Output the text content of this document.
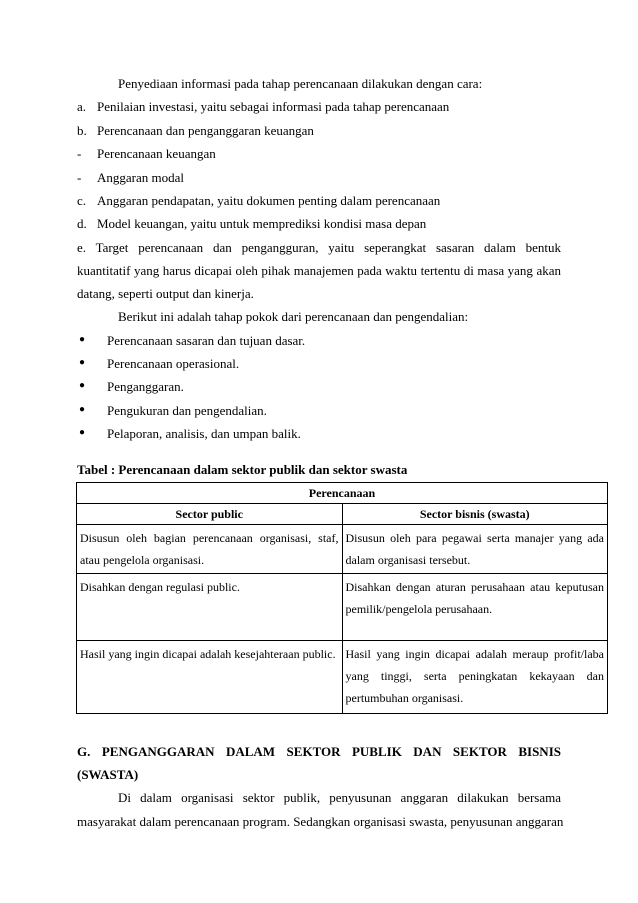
Penyediaan informasi pada tahap perencanaan dilakukan dengan cara:
a. Penilaian investasi, yaitu sebagai informasi pada tahap perencanaan
b. Perencanaan dan penganggaran keuangan
- Perencanaan keuangan
- Anggaran modal
c. Anggaran pendapatan, yaitu dokumen penting dalam perencanaan
d. Model keuangan, yaitu untuk memprediksi kondisi masa depan
e. Target perencanaan dan pengangguran, yaitu seperangkat sasaran dalam bentuk
kuantitatif yang harus dicapai oleh pihak manajemen pada waktu tertentu di masa yang akan
datang, seperti output dan kinerja.
Berikut ini adalah tahap pokok dari perencanaan dan pengendalian:
●	Perencanaan sasaran dan tujuan dasar.
●	Perencanaan operasional.
●	Penganggaran.
●	Pengukuran dan pengendalian.
●	Pelaporan, analisis, dan umpan balik.
Tabel : Perencanaan dalam sektor publik dan sektor swasta
Perencanaan	
Sector public	Sector bisnis (swasta)
Disusun oleh bagian perencanaan organisasi, staf, atau pengelola organisasi.	Disusun oleh para pegawai serta manajer yang ada dalam organisasi tersebut.
Disahkan dengan regulasi public.	Disahkan dengan aturan perusahaan atau keputusan pemilik/pengelola perusahaan.
Hasil yang ingin dicapai adalah kesejahteraan public.	Hasil yang ingin dicapai adalah meraup profit/laba yang tinggi, serta peningkatan kekayaan dan pertumbuhan organisasi.
G. PENGANGGARAN DALAM SEKTOR PUBLIK DAN SEKTOR BISNIS
(SWASTA)
Di dalam organisasi sektor publik, penyusunan anggaran dilakukan bersama
masyarakat dalam perencanaan program. Sedangkan organisasi swasta, penyusunan anggaran
